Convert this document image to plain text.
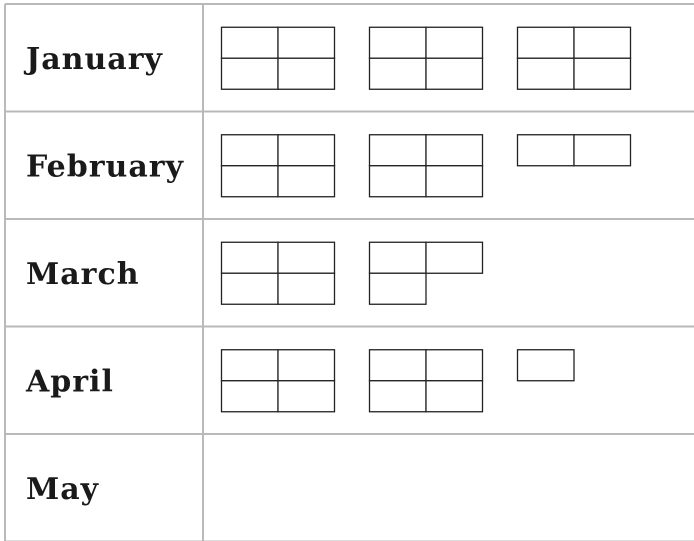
January
February
March
April
May
